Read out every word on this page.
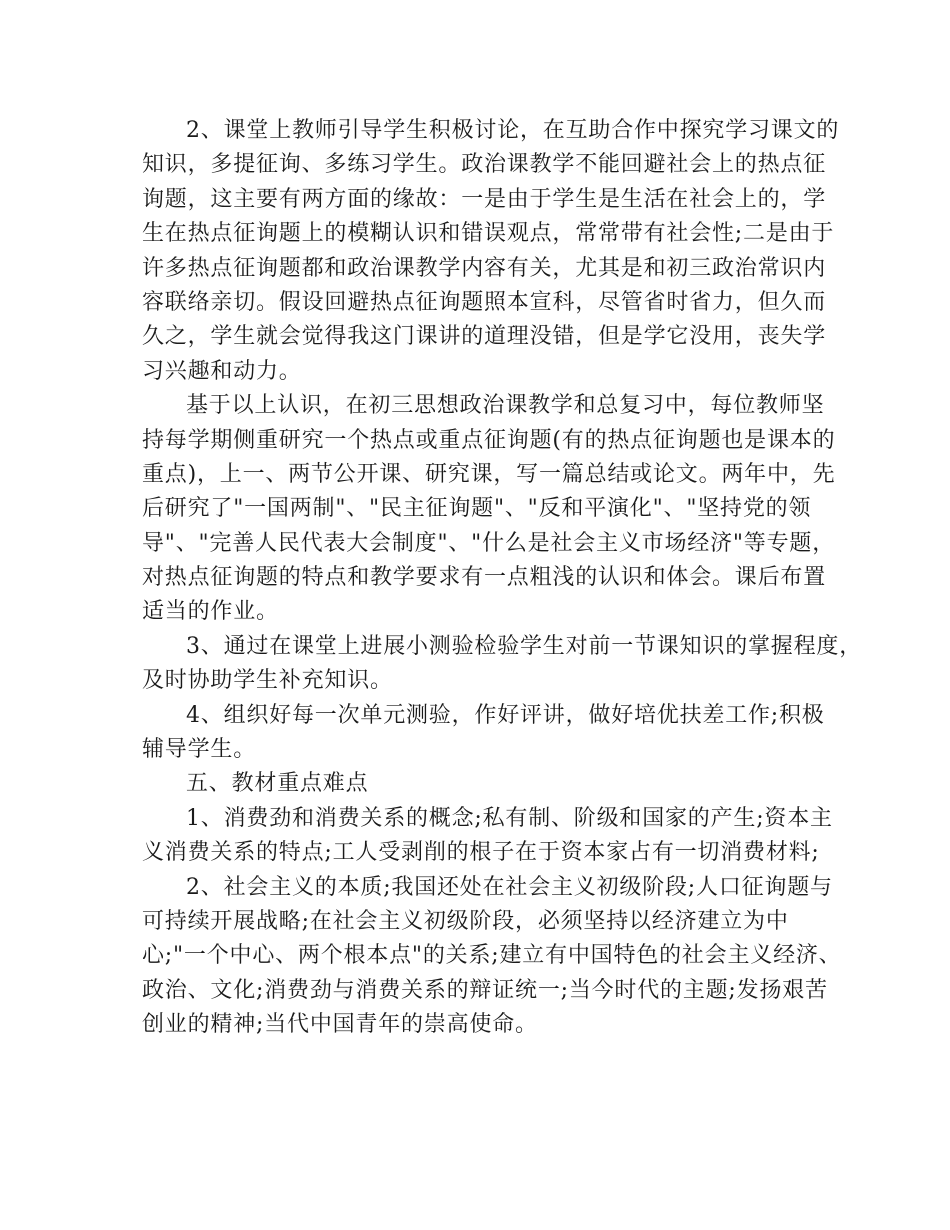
2、课堂上教师引导学生积极讨论，在互助合作中探究学习课文的
知识，多提征询、多练习学生。政治课教学不能回避社会上的热点征
询题，这主要有两方面的缘故：一是由于学生是生活在社会上的，学
生在热点征询题上的模糊认识和错误观点，常常带有社会性;二是由于
许多热点征询题都和政治课教学内容有关，尤其是和初三政治常识内
容联络亲切。假设回避热点征询题照本宣科，尽管省时省力，但久而
久之，学生就会觉得我这门课讲的道理没错，但是学它没用，丧失学
习兴趣和动力。
基于以上认识，在初三思想政治课教学和总复习中，每位教师坚
持每学期侧重研究一个热点或重点征询题(有的热点征询题也是课本的
重点)，上一、两节公开课、研究课，写一篇总结或论文。两年中，先
后研究了"一国两制"、"民主征询题"、"反和平演化"、"坚持党的领
导"、"完善人民代表大会制度"、"什么是社会主义市场经济"等专题，
对热点征询题的特点和教学要求有一点粗浅的认识和体会。课后布置
适当的作业。
3、通过在课堂上进展小测验检验学生对前一节课知识的掌握程度，
及时协助学生补充知识。
4、组织好每一次单元测验，作好评讲，做好培优扶差工作;积极
辅导学生。
五、教材重点难点
1、消费劲和消费关系的概念;私有制、阶级和国家的产生;资本主
义消费关系的特点;工人受剥削的根子在于资本家占有一切消费材料;
2、社会主义的本质;我国还处在社会主义初级阶段;人口征询题与
可持续开展战略;在社会主义初级阶段，必须坚持以经济建立为中
心;"一个中心、两个根本点"的关系;建立有中国特色的社会主义经济、
政治、文化;消费劲与消费关系的辩证统一;当今时代的主题;发扬艰苦
创业的精神;当代中国青年的崇高使命。
